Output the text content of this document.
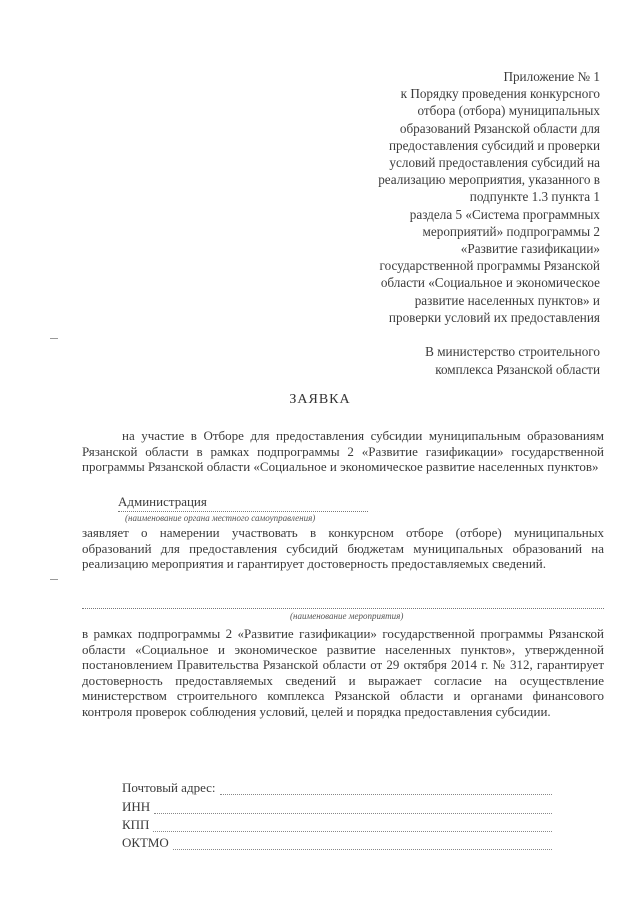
Приложение № 1
к Порядку проведения конкурсного
отбора (отбора) муниципальных
образований Рязанской области для
предоставления субсидий и проверки
условий предоставления субсидий на
реализацию мероприятия, указанного в
подпункте 1.3 пункта 1
раздела 5 «Система программных
мероприятий» подпрограммы 2
«Развитие газификации»
государственной программы Рязанской
области «Социальное и экономическое
развитие населенных пунктов» и
проверки условий их предоставления
В министерство строительного
комплекса Рязанской области
ЗАЯВКА
на участие в Отборе для предоставления субсидии муниципальным образованиям Рязанской области в рамках подпрограммы 2 «Развитие газификации» государственной программы Рязанской области «Социальное и экономическое развитие населенных пунктов»
Администрация
(наименование органа местного самоуправления)
заявляет о намерении участвовать в конкурсном отборе (отборе) муниципальных образований для предоставления субсидий бюджетам муниципальных образований на реализацию мероприятия и гарантирует достоверность предоставляемых сведений.
(наименование мероприятия)
в рамках подпрограммы 2 «Развитие газификации» государственной программы Рязанской области «Социальное и экономическое развитие населенных пунктов», утвержденной постановлением Правительства Рязанской области от 29 октября 2014 г. № 312, гарантирует достоверность предоставляемых сведений и выражает согласие на осуществление министерством строительного комплекса Рязанской области и органами финансового контроля проверок соблюдения условий, целей и порядка предоставления субсидии.
Почтовый адрес:
ИНН
КПП
ОКТМО
